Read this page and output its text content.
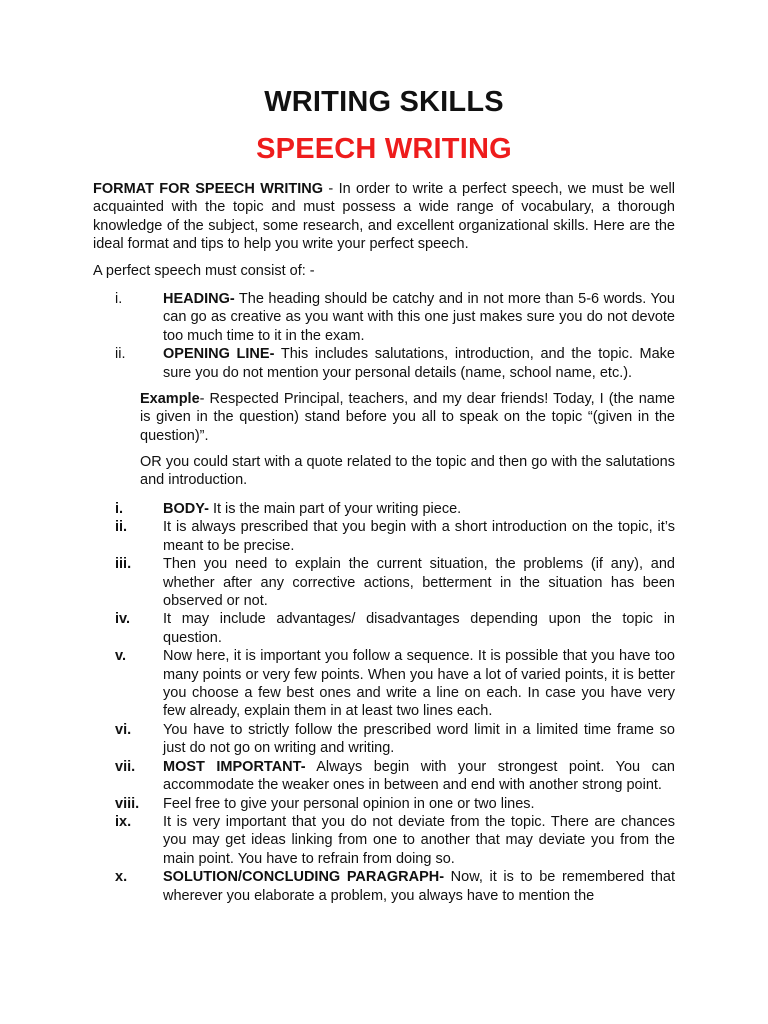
WRITING SKILLS
SPEECH WRITING

FORMAT FOR SPEECH WRITING - In order to write a perfect speech, we must be well acquainted with the topic and must possess a wide range of vocabulary, a thorough knowledge of the subject, some research, and excellent organizational skills. Here are the ideal format and tips to help you write your perfect speech.

A perfect speech must consist of: -

i.	HEADING- The heading should be catchy and in not more than 5-6 words. You can go as creative as you want with this one just makes sure you do not devote too much time to it in the exam.
ii.	OPENING LINE- This includes salutations, introduction, and the topic. Make sure you do not mention your personal details (name, school name, etc.).

Example- Respected Principal, teachers, and my dear friends! Today, I (the name is given in the question) stand before you all to speak on the topic “(given in the question)”.

OR you could start with a quote related to the topic and then go with the salutations and introduction.

i.	BODY- It is the main part of your writing piece.
ii. It is always prescribed that you begin with a short introduction on the topic, it’s meant to be precise.
iii. Then you need to explain the current situation, the problems (if any), and whether after any corrective actions, betterment in the situation has been observed or not.
iv. It may include advantages/ disadvantages depending upon the topic in question.
v.	Now here, it is important you follow a sequence. It is possible that you have too many points or very few points. When you have a lot of varied points, it is better you choose a few best ones and write a line on each. In case you have very few already, explain them in at least two lines each.
vi. You have to strictly follow the prescribed word limit in a limited time frame so just do not go on writing and writing.
vii. MOST IMPORTANT- Always begin with your strongest point. You can accommodate the weaker ones in between and end with another strong point.
viii. Feel free to give your personal opinion in one or two lines.
ix. It is very important that you do not deviate from the topic. There are chances you may get ideas linking from one to another that may deviate you from the main point. You have to refrain from doing so.
x. SOLUTION/CONCLUDING PARAGRAPH- Now, it is to be remembered that wherever you elaborate a problem, you always have to mention the
